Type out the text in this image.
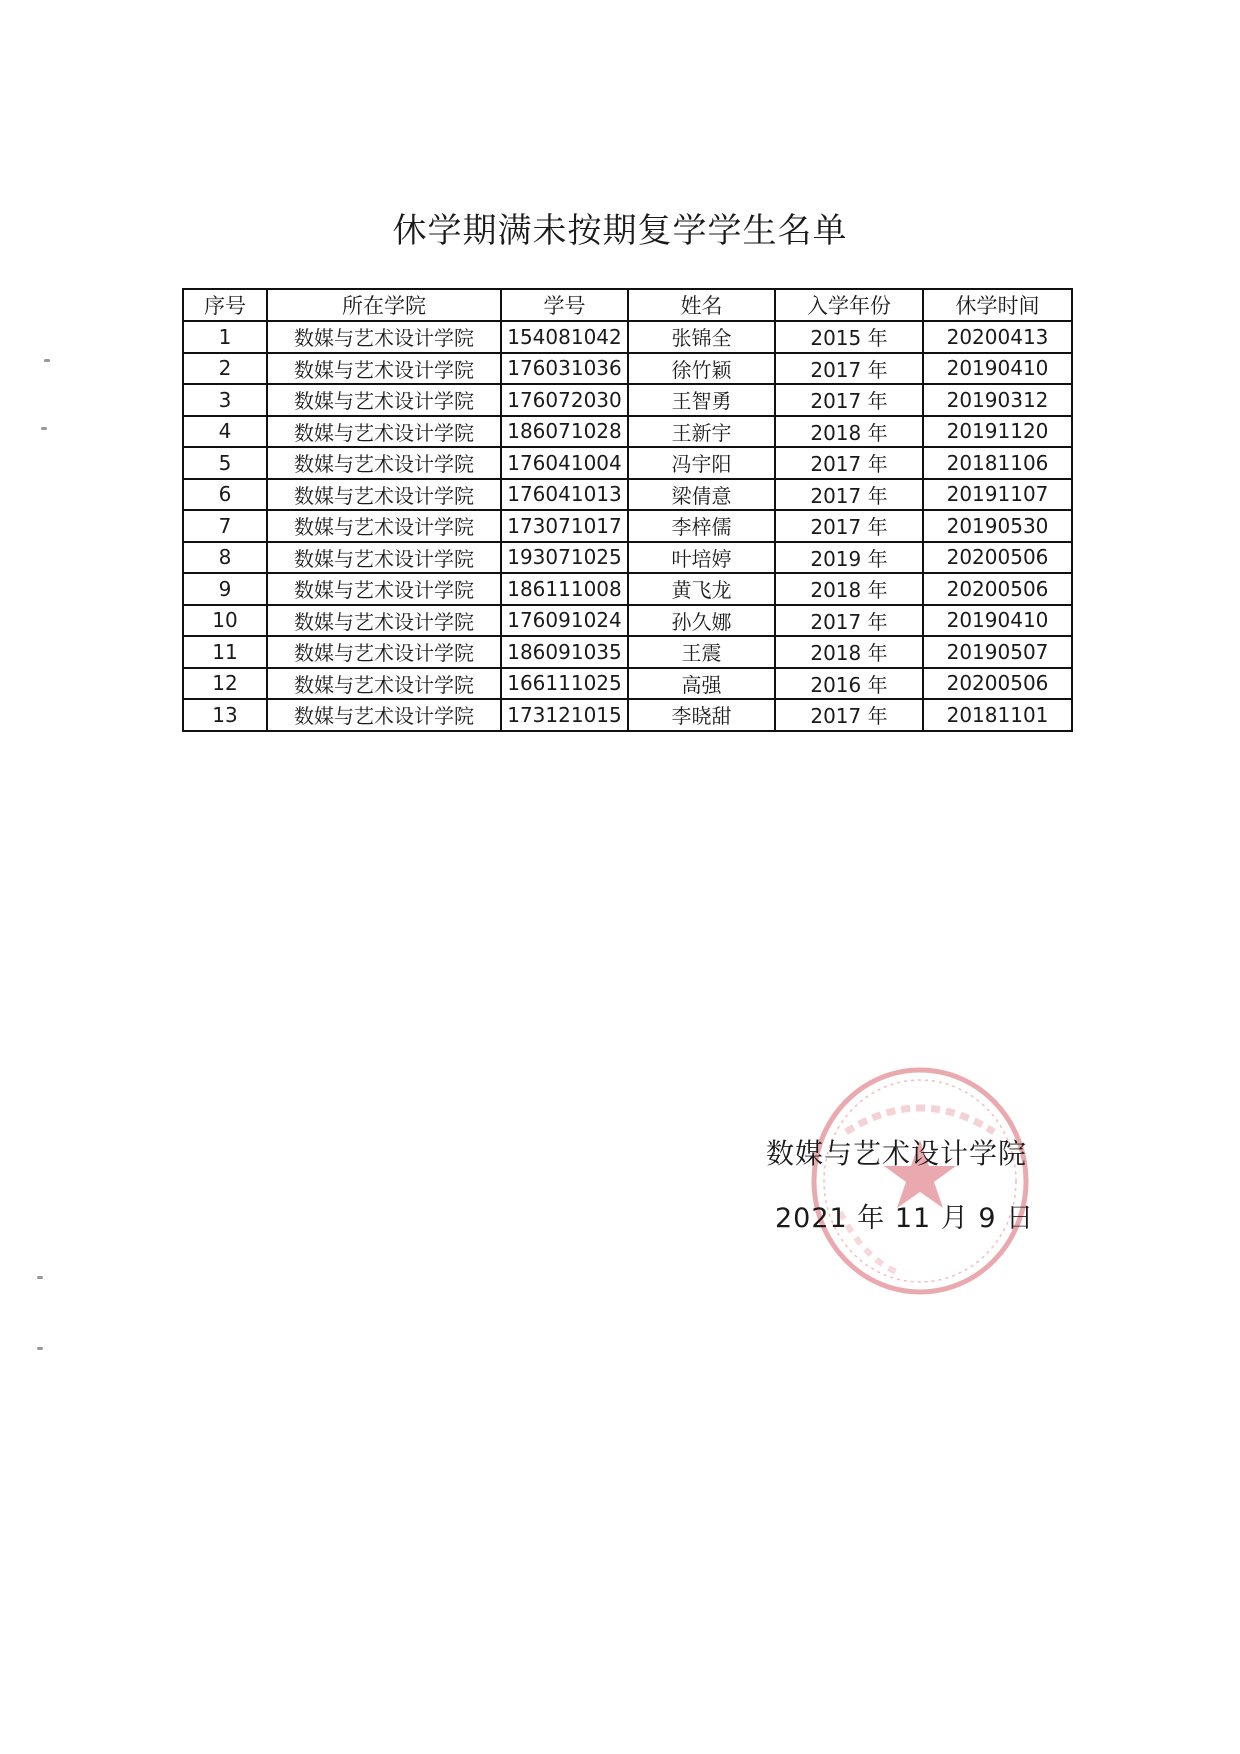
休学期满未按期复学学生名单
序号	所在学院	学号	姓名	入学年份	休学时间
1	数媒与艺术设计学院	154081042	张锦全	2015 年	20200413
2	数媒与艺术设计学院	176031036	徐竹颖	2017 年	20190410
3	数媒与艺术设计学院	176072030	王智勇	2017 年	20190312
4	数媒与艺术设计学院	186071028	王新宇	2018 年	20191120
5	数媒与艺术设计学院	176041004	冯宇阳	2017 年	20181106
6	数媒与艺术设计学院	176041013	梁倩意	2017 年	20191107
7	数媒与艺术设计学院	173071017	李梓儒	2017 年	20190530
8	数媒与艺术设计学院	193071025	叶培婷	2019 年	20200506
9	数媒与艺术设计学院	186111008	黄飞龙	2018 年	20200506
10	数媒与艺术设计学院	176091024	孙久娜	2017 年	20190410
11	数媒与艺术设计学院	186091035	王震	2018 年	20190507
12	数媒与艺术设计学院	166111025	高强	2016 年	20200506
13	数媒与艺术设计学院	173121015	李晓甜	2017 年	20181101
数媒与艺术设计学院
2021 年 11 月 9 日
